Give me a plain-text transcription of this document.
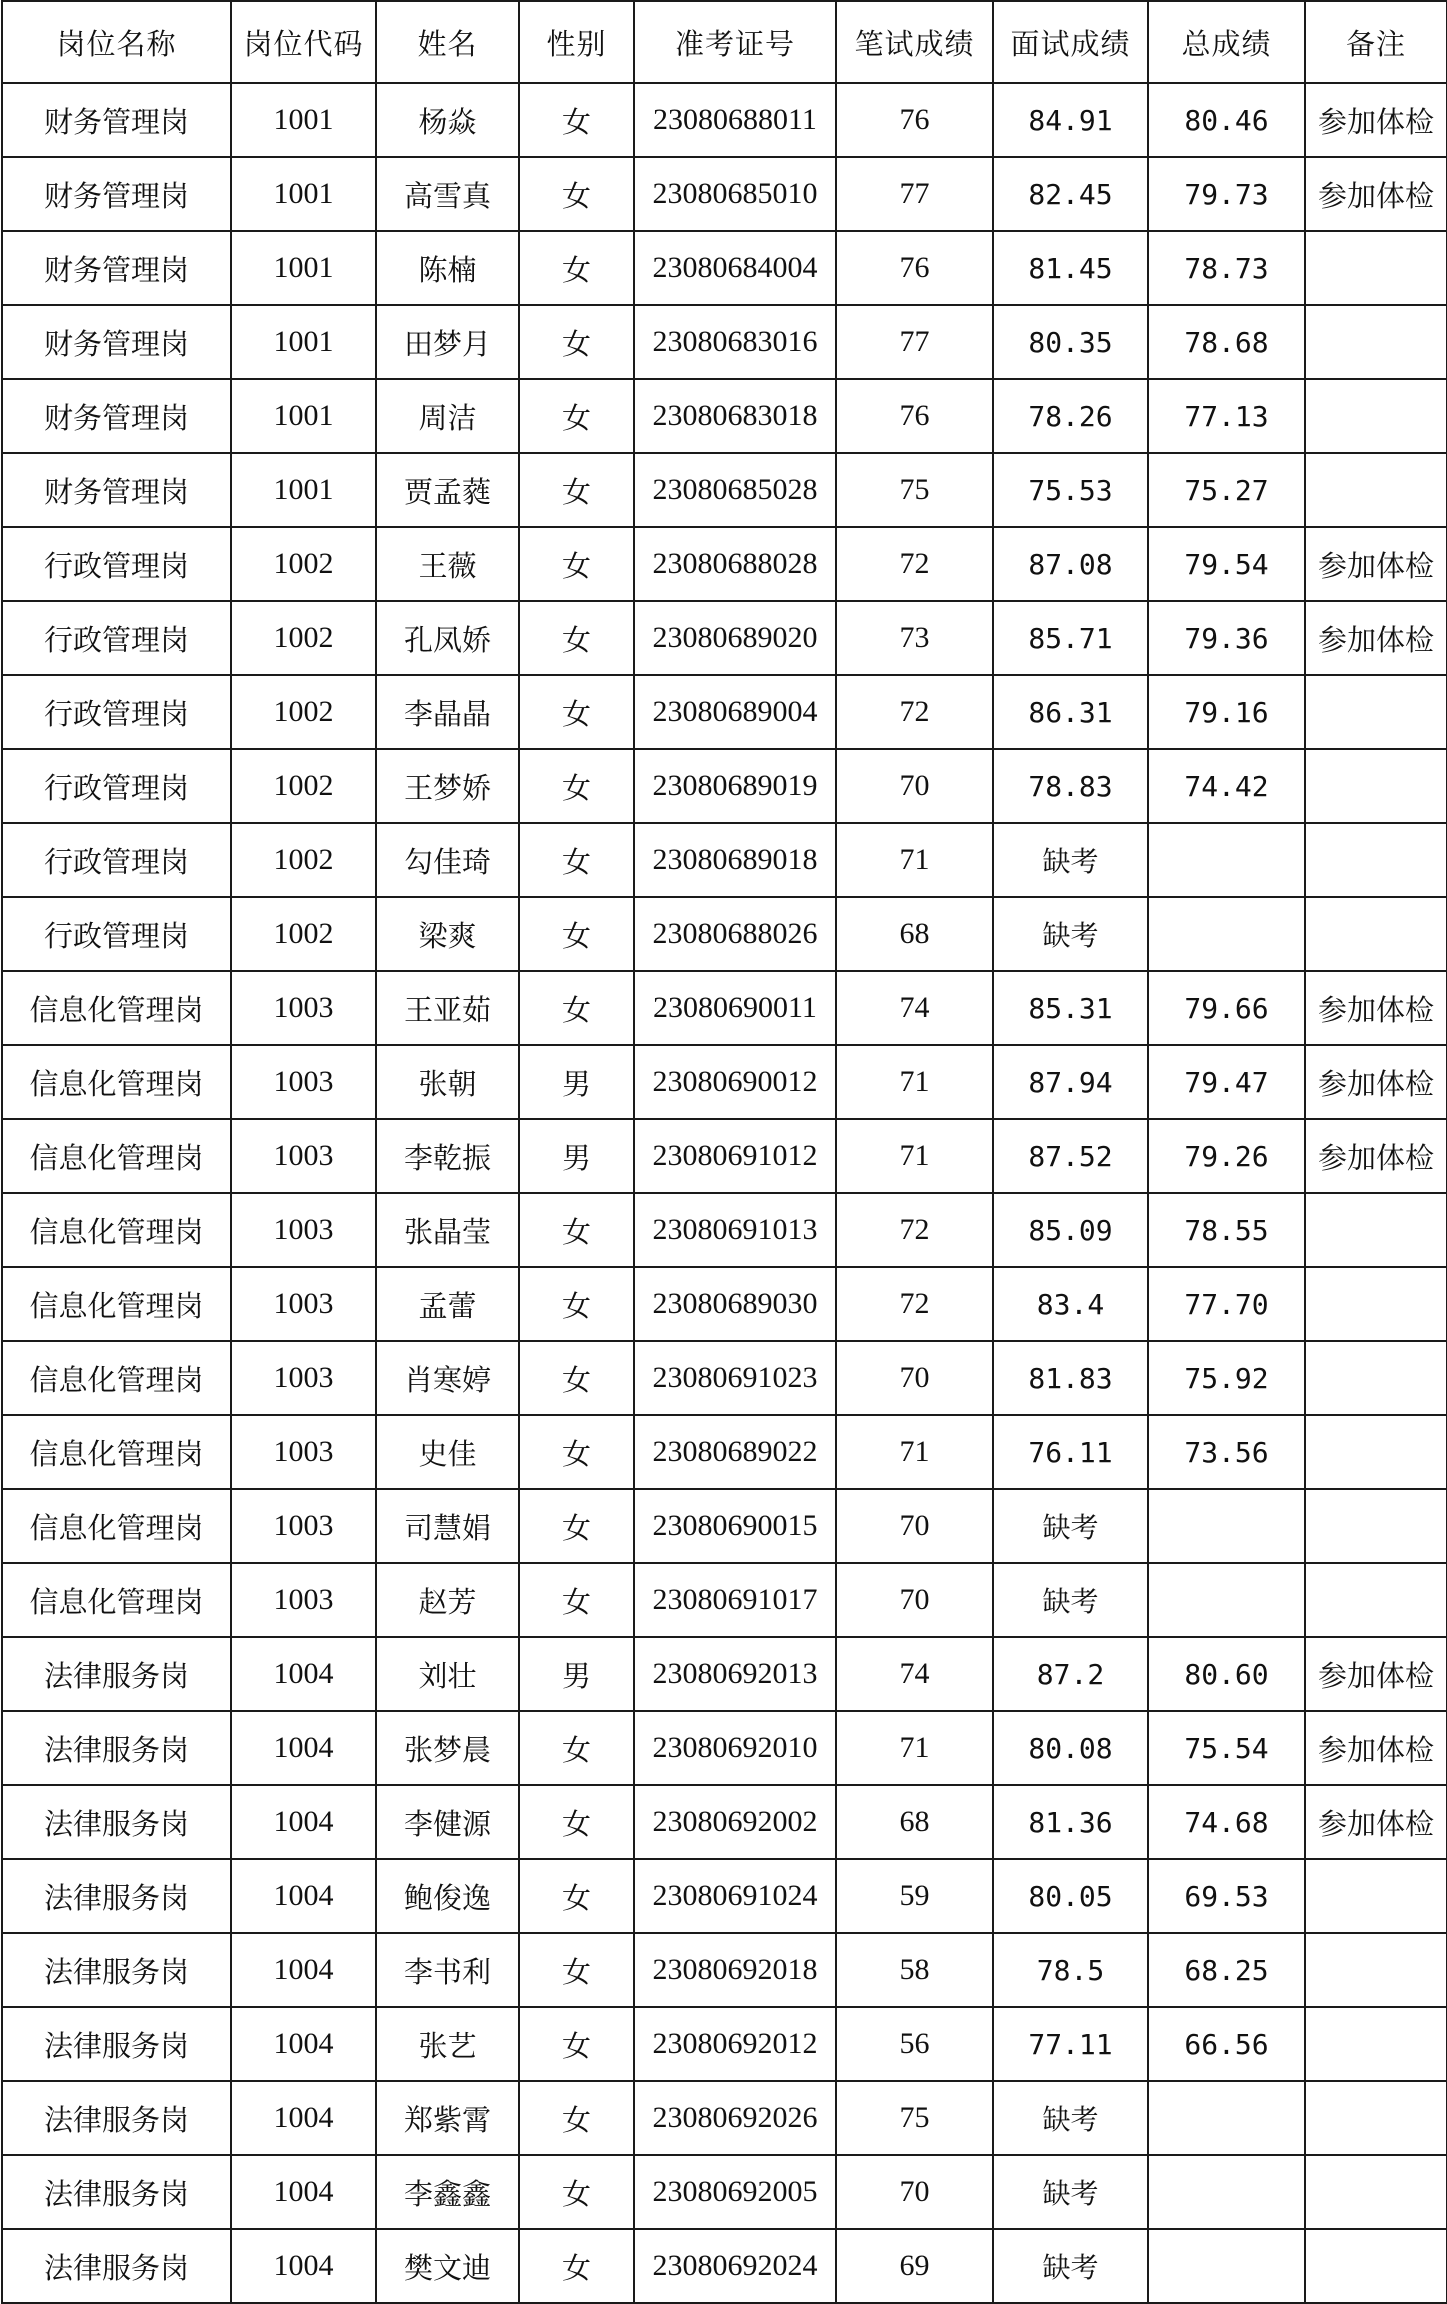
岗位名称	岗位代码	姓名	性别	准考证号	笔试成绩	面试成绩	总成绩	备注
财务管理岗	1001	杨焱	女	23080688011	76	84.91	80.46	参加体检
财务管理岗	1001	高雪真	女	23080685010	77	82.45	79.73	参加体检
财务管理岗	1001	陈楠	女	23080684004	76	81.45	78.73	
财务管理岗	1001	田梦月	女	23080683016	77	80.35	78.68	
财务管理岗	1001	周洁	女	23080683018	76	78.26	77.13	
财务管理岗	1001	贾孟蕤	女	23080685028	75	75.53	75.27	
行政管理岗	1002	王薇	女	23080688028	72	87.08	79.54	参加体检
行政管理岗	1002	孔凤娇	女	23080689020	73	85.71	79.36	参加体检
行政管理岗	1002	李晶晶	女	23080689004	72	86.31	79.16	
行政管理岗	1002	王梦娇	女	23080689019	70	78.83	74.42	
行政管理岗	1002	勾佳琦	女	23080689018	71	缺考		
行政管理岗	1002	梁爽	女	23080688026	68	缺考		
信息化管理岗	1003	王亚茹	女	23080690011	74	85.31	79.66	参加体检
信息化管理岗	1003	张朝	男	23080690012	71	87.94	79.47	参加体检
信息化管理岗	1003	李乾振	男	23080691012	71	87.52	79.26	参加体检
信息化管理岗	1003	张晶莹	女	23080691013	72	85.09	78.55	
信息化管理岗	1003	孟蕾	女	23080689030	72	83.4	77.70	
信息化管理岗	1003	肖寒婷	女	23080691023	70	81.83	75.92	
信息化管理岗	1003	史佳	女	23080689022	71	76.11	73.56	
信息化管理岗	1003	司慧娟	女	23080690015	70	缺考		
信息化管理岗	1003	赵芳	女	23080691017	70	缺考		
法律服务岗	1004	刘壮	男	23080692013	74	87.2	80.60	参加体检
法律服务岗	1004	张梦晨	女	23080692010	71	80.08	75.54	参加体检
法律服务岗	1004	李健源	女	23080692002	68	81.36	74.68	参加体检
法律服务岗	1004	鲍俊逸	女	23080691024	59	80.05	69.53	
法律服务岗	1004	李书利	女	23080692018	58	78.5	68.25	
法律服务岗	1004	张艺	女	23080692012	56	77.11	66.56	
法律服务岗	1004	郑紫霄	女	23080692026	75	缺考		
法律服务岗	1004	李鑫鑫	女	23080692005	70	缺考		
法律服务岗	1004	樊文迪	女	23080692024	69	缺考		
